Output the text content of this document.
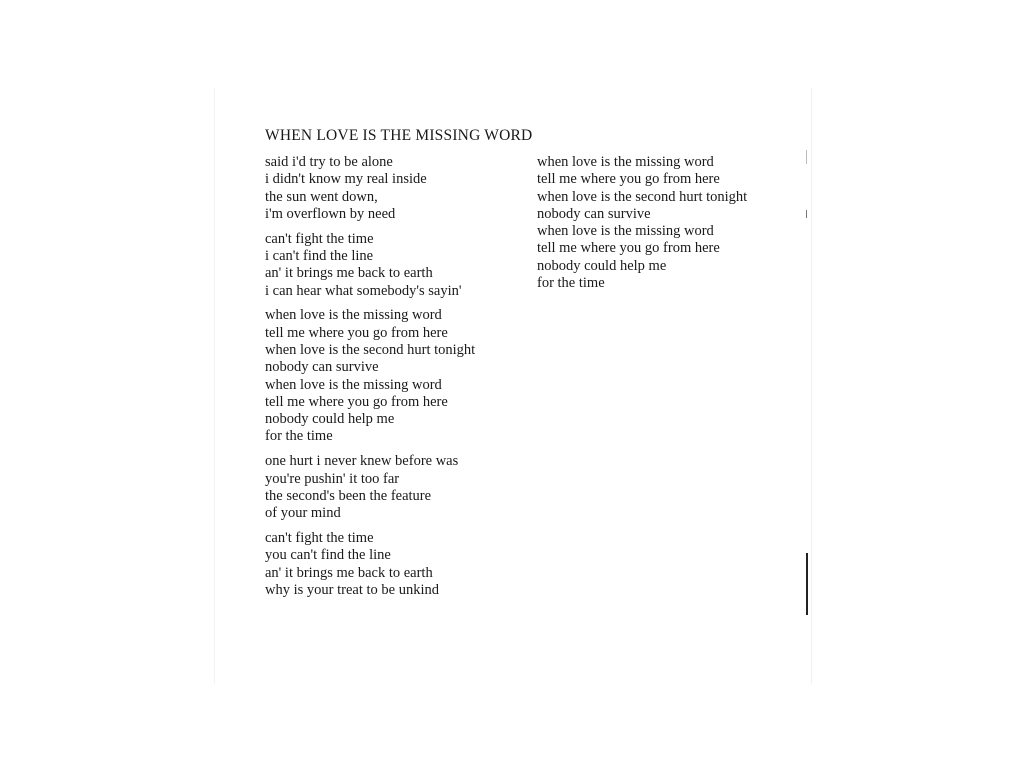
WHEN LOVE IS THE MISSING WORD
said i'd try to be alone
i didn't know my real inside
the sun went down,
i'm overflown by need
can't fight the time
i can't find the line
an' it brings me back to earth
i can hear what somebody's sayin'
when love is the missing word
tell me where you go from here
when love is the second hurt tonight
nobody can survive
when love is the missing word
tell me where you go from here
nobody could help me
for the time
one hurt i never knew before was
you're pushin' it too far
the second's been the feature
of your mind
can't fight the time
you can't find the line
an' it brings me back to earth
why is your treat to be unkind
when love is the missing word
tell me where you go from here
when love is the second hurt tonight
nobody can survive
when love is the missing word
tell me where you go from here
nobody could help me
for the time
